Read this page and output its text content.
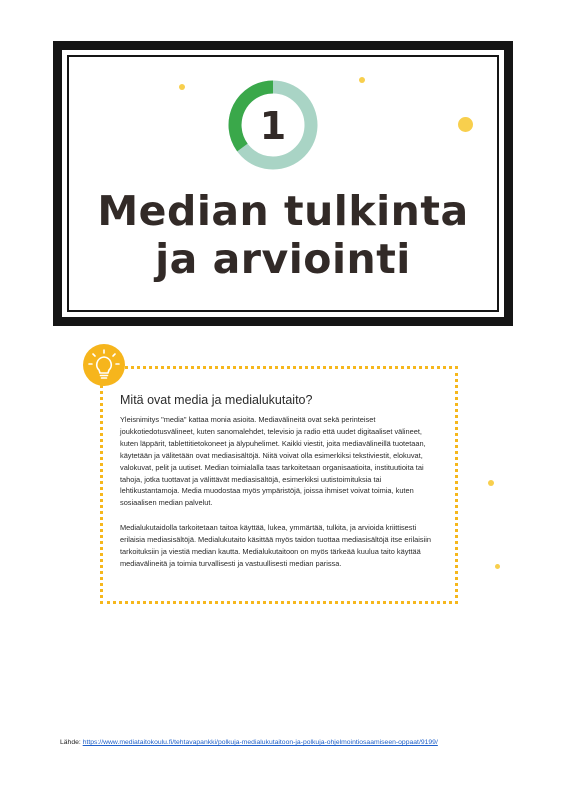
1
Median tulkinta
ja arviointi
Mitä ovat media ja medialukutaito?

Yleisnimitys "media" kattaa monia asioita. Mediavälineitä ovat sekä perinteiset joukkotiedotusvälineet, kuten sanomalehdet, televisio ja radio että uudet digitaaliset välineet, kuten läppärit, tablettitietokoneet ja älypuhelimet. Kaikki viestit, joita mediavälineillä tuotetaan, käytetään ja välitetään ovat mediasisältöjä. Niitä voivat olla esimerkiksi tekstiviestit, elokuvat, valokuvat, pelit ja uutiset. Median toimialalla taas tarkoitetaan organisaatioita, instituutioita tai tahoja, jotka tuottavat ja välittävät mediasisältöjä, esimerkiksi uutistoimituksia tai lehtikustantamoja. Media muodostaa myös ympäristöjä, joissa ihmiset voivat toimia, kuten sosiaalisen median palvelut.

Medialukutaidolla tarkoitetaan taitoa käyttää, lukea, ymmärtää, tulkita, ja arvioida kriittisesti erilaisia mediasisältöjä. Medialukutaito käsittää myös taidon tuottaa mediasisältöjä itse erilaisiin tarkoituksiin ja viestiä median kautta. Medialukutaitoon on myös tärkeää kuulua taito käyttää mediavälineitä ja toimia turvallisesti ja vastuullisesti median parissa.

Lähde: https://www.mediataitokoulu.fi/tehtavapankki/polkuja-medialukutaitoon-ja-polkuja-ohjelmointiosaamiseen-oppaat/9199/
